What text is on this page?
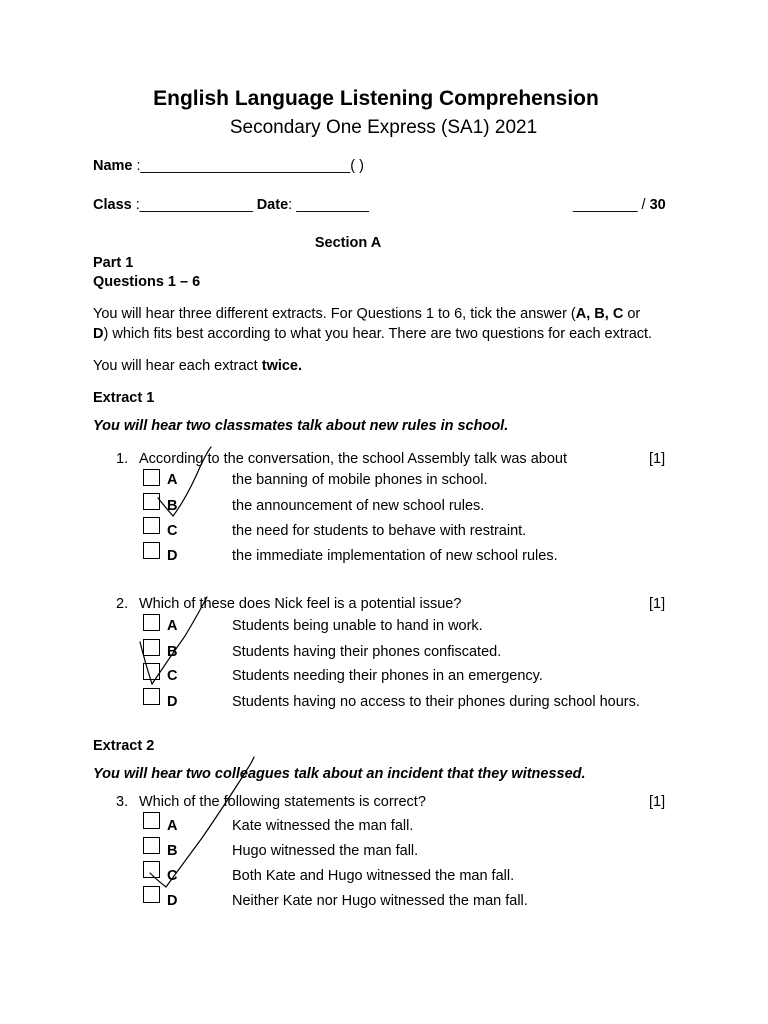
English Language Listening Comprehension
Secondary One Express (SA1) 2021
Name :__________________________( )
Class :______________ Date: _________	________ / 30
Section A
Part 1
Questions 1 – 6
You will hear three different extracts. For Questions 1 to 6, tick the answer (A, B, C or
D) which fits best according to what you hear. There are two questions for each extract.
You will hear each extract twice.
Extract 1
You will hear two classmates talk about new rules in school.
1. According to the conversation, the school Assembly talk was about	[1]
A	the banning of mobile phones in school.
B	the announcement of new school rules.
C	the need for students to behave with restraint.
D	the immediate implementation of new school rules.
2. Which of these does Nick feel is a potential issue?	[1]
A	Students being unable to hand in work.
B	Students having their phones confiscated.
C	Students needing their phones in an emergency.
D	Students having no access to their phones during school hours.
Extract 2
You will hear two colleagues talk about an incident that they witnessed.
3. Which of the following statements is correct?	[1]
A	Kate witnessed the man fall.
B	Hugo witnessed the man fall.
C	Both Kate and Hugo witnessed the man fall.
D	Neither Kate nor Hugo witnessed the man fall.
